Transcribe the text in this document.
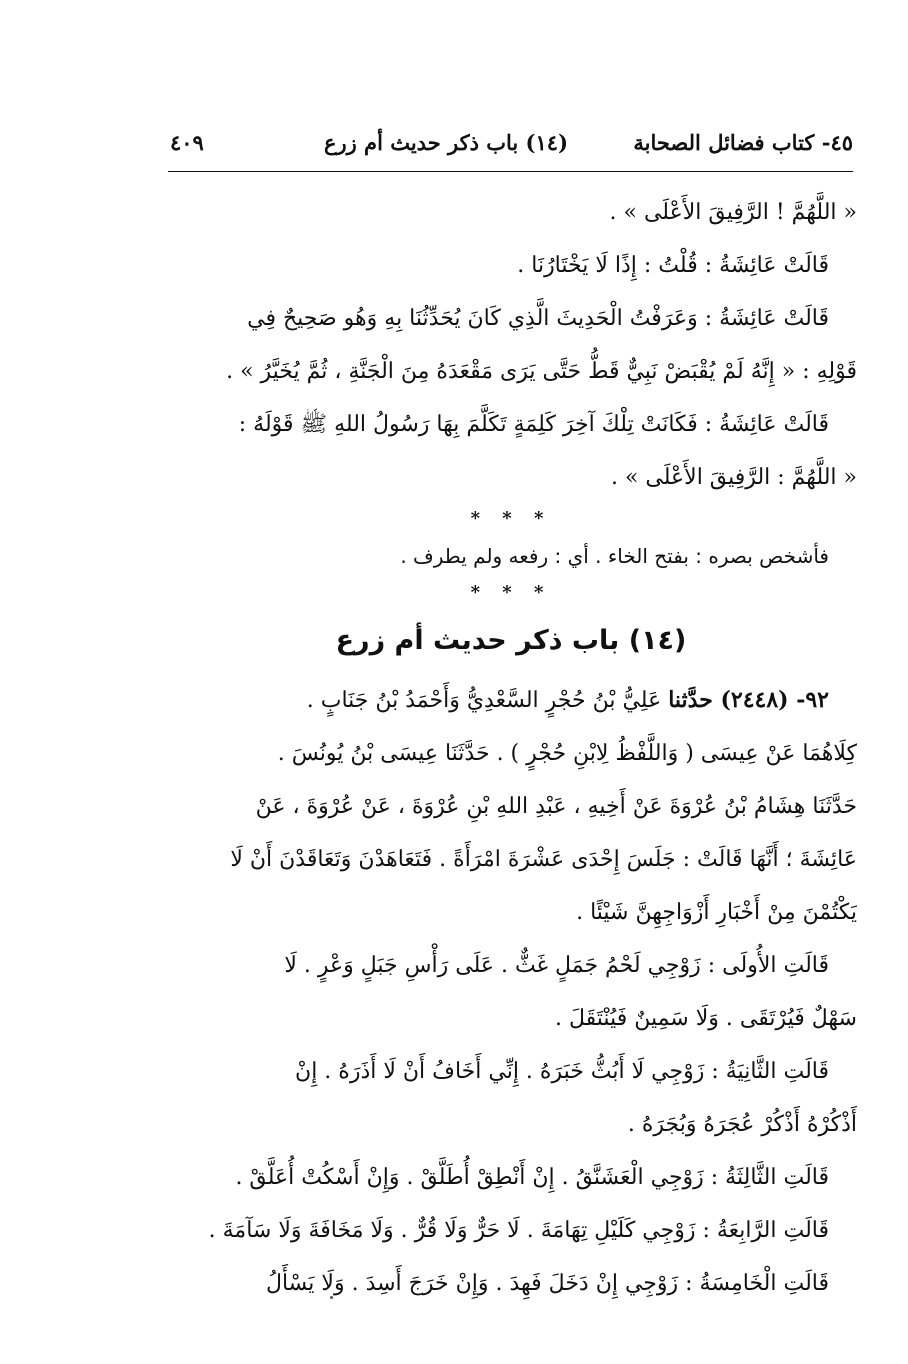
٤٥- كتاب فضائل الصحابة
(١٤) باب ذكر حديث أم زرع
٤٠٩
« اللَّهُمَّ ! الرَّفِيقَ الأَعْلَى » .
قَالَتْ عَائِشَةُ : قُلْتُ : إِذًا لَا يَخْتَارُنَا .
قَالَتْ عَائِشَةُ : وَعَرَفْتُ الْحَدِيثَ الَّذِي كَانَ يُحَدِّثُنَا بِهِ وَهُو صَحِيحٌ فِي
قَوْلِهِ : « إِنَّهُ لَمْ يُقْبَضْ نَبِيٌّ قَطُّ حَتَّى يَرَى مَقْعَدَهُ مِنَ الْجَنَّةِ ، ثُمَّ يُخَيَّرُ » .
قَالَتْ عَائِشَةُ : فَكَانَتْ تِلْكَ آخِرَ كَلِمَةٍ تَكَلَّمَ بِهَا رَسُولُ اللهِ ﷺ قَوْلَهُ :
« اللَّهُمَّ : الرَّفِيقَ الأَعْلَى » .
* * *
فأشخص بصره : بفتح الخاء . أي : رفعه ولم يطرف .
* * *
(١٤) باب ذكر حديث أم زرع
٩٢- (٢٤٤٨) حدَّثنا عَلِيُّ بْنُ حُجْرٍ السَّعْدِيُّ وَأَحْمَدُ بْنُ جَنَابٍ .
كِلَاهُمَا عَنْ عِيسَى ( وَاللَّفْظُ لِابْنِ حُجْرٍ ) . حَدَّثَنَا عِيسَى بْنُ يُونُسَ .
حَدَّثَنَا هِشَامُ بْنُ عُرْوَةَ عَنْ أَخِيهِ ، عَبْدِ اللهِ بْنِ عُرْوَةَ ، عَنْ عُرْوَةَ ، عَنْ
عَائِشَةَ ؛ أَنَّهَا قَالَتْ : جَلَسَ إِحْدَى عَشْرَةَ امْرَأَةً . فَتَعَاهَدْنَ وَتَعَاقَدْنَ أَنْ لَا
يَكْتُمْنَ مِنْ أَخْبَارِ أَزْوَاجِهِنَّ شَيْئًا .
قَالَتِ الأُولَى : زَوْجِي لَحْمُ جَمَلٍ غَثٌّ . عَلَى رَأْسِ جَبَلٍ وَعْرٍ . لَا
سَهْلٌ فَيُرْتَقَى . وَلَا سَمِينٌ فَيُنْتَقَلَ .
قَالَتِ الثَّانِيَةُ : زَوْجِي لَا أَبُثُّ خَبَرَهُ . إِنِّي أَخَافُ أَنْ لَا أَذَرَهُ . إِنْ
أَذْكُرْهُ أَذْكُرْ عُجَرَهُ وَبُجَرَهُ .
قَالَتِ الثَّالِثَةُ : زَوْجِي الْعَشَنَّقُ . إِنْ أَنْطِقْ أُطَلَّقْ . وَإِنْ أَسْكُتْ أُعَلَّقْ .
قَالَتِ الرَّابِعَةُ : زَوْجِي كَلَيْلِ تِهَامَةَ . لَا حَرٌّ وَلَا قُرٌّ . وَلَا مَخَافَةَ وَلَا سَآمَةَ .
قَالَتِ الْخَامِسَةُ : زَوْجِي إِنْ دَخَلَ فَهِدَ . وَإِنْ خَرَجَ أَسِدَ . وَلَا يَسْأَلُ
